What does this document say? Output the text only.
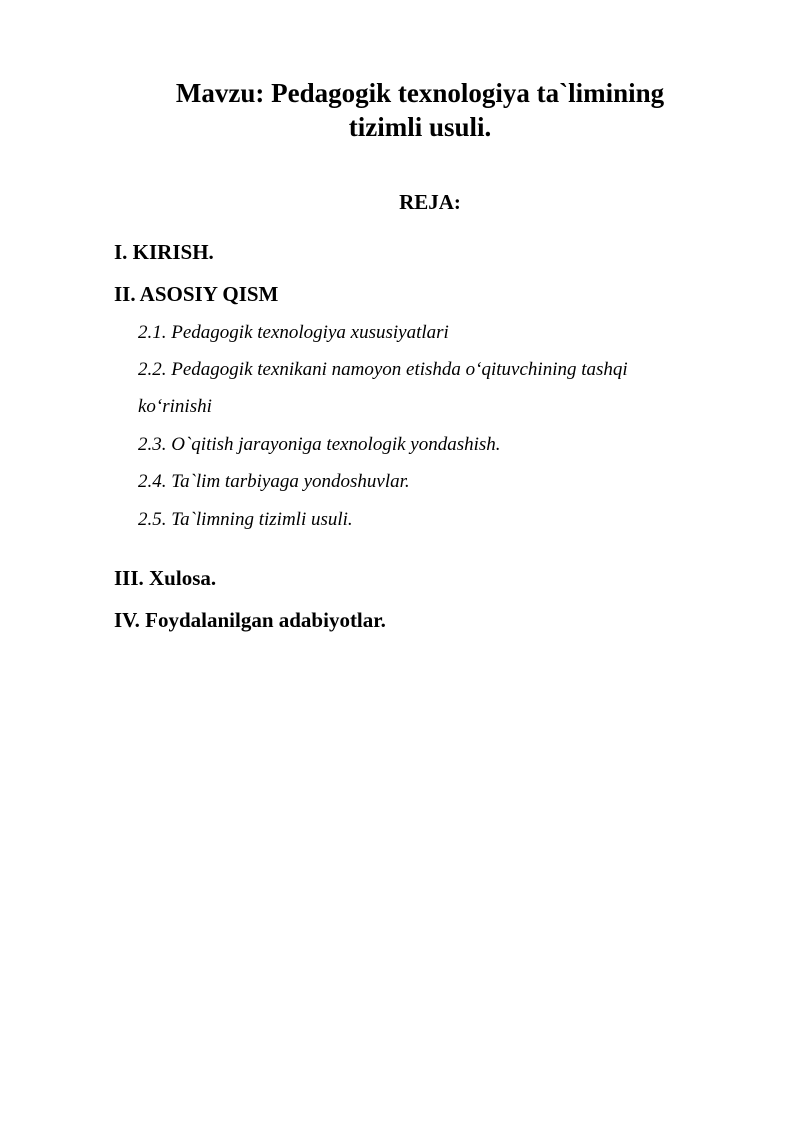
Mavzu: Pedagogik texnologiya ta`limining
tizimli usuli.
REJA:
I. KIRISH.
II. ASOSIY QISM
2.1. Pedagogik texnologiya xususiyatlari
2.2. Pedagogik texnikani namoyon etishda o‘qituvchining tashqi
ko‘rinishi
2.3. O`qitish jarayoniga texnologik yondashish.
2.4. Ta`lim tarbiyaga yondoshuvlar.
2.5. Ta`limning tizimli usuli.
III. Xulosa.
IV. Foydalanilgan adabiyotlar.
